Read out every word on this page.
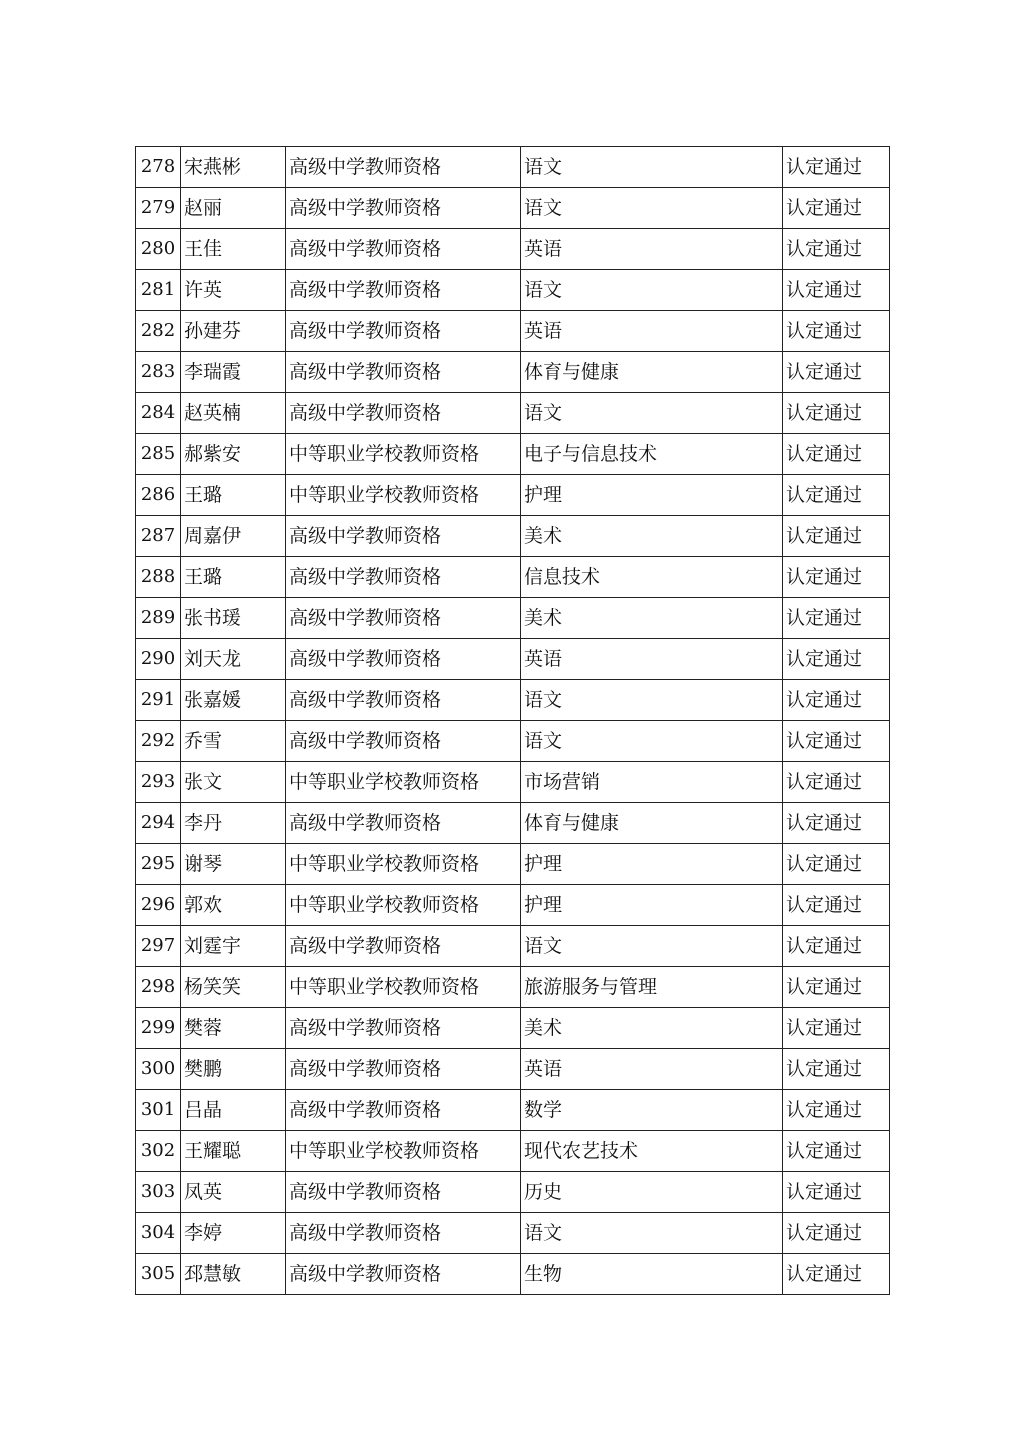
278	宋燕彬	高级中学教师资格	语文	认定通过
279	赵丽	高级中学教师资格	语文	认定通过
280	王佳	高级中学教师资格	英语	认定通过
281	许英	高级中学教师资格	语文	认定通过
282	孙建芬	高级中学教师资格	英语	认定通过
283	李瑞霞	高级中学教师资格	体育与健康	认定通过
284	赵英楠	高级中学教师资格	语文	认定通过
285	郝紫安	中等职业学校教师资格	电子与信息技术	认定通过
286	王璐	中等职业学校教师资格	护理	认定通过
287	周嘉伊	高级中学教师资格	美术	认定通过
288	王璐	高级中学教师资格	信息技术	认定通过
289	张书瑗	高级中学教师资格	美术	认定通过
290	刘天龙	高级中学教师资格	英语	认定通过
291	张嘉媛	高级中学教师资格	语文	认定通过
292	乔雪	高级中学教师资格	语文	认定通过
293	张文	中等职业学校教师资格	市场营销	认定通过
294	李丹	高级中学教师资格	体育与健康	认定通过
295	谢琴	中等职业学校教师资格	护理	认定通过
296	郭欢	中等职业学校教师资格	护理	认定通过
297	刘霆宇	高级中学教师资格	语文	认定通过
298	杨笑笑	中等职业学校教师资格	旅游服务与管理	认定通过
299	樊蓉	高级中学教师资格	美术	认定通过
300	樊鹏	高级中学教师资格	英语	认定通过
301	吕晶	高级中学教师资格	数学	认定通过
302	王耀聪	中等职业学校教师资格	现代农艺技术	认定通过
303	凤英	高级中学教师资格	历史	认定通过
304	李婷	高级中学教师资格	语文	认定通过
305	邳慧敏	高级中学教师资格	生物	认定通过
